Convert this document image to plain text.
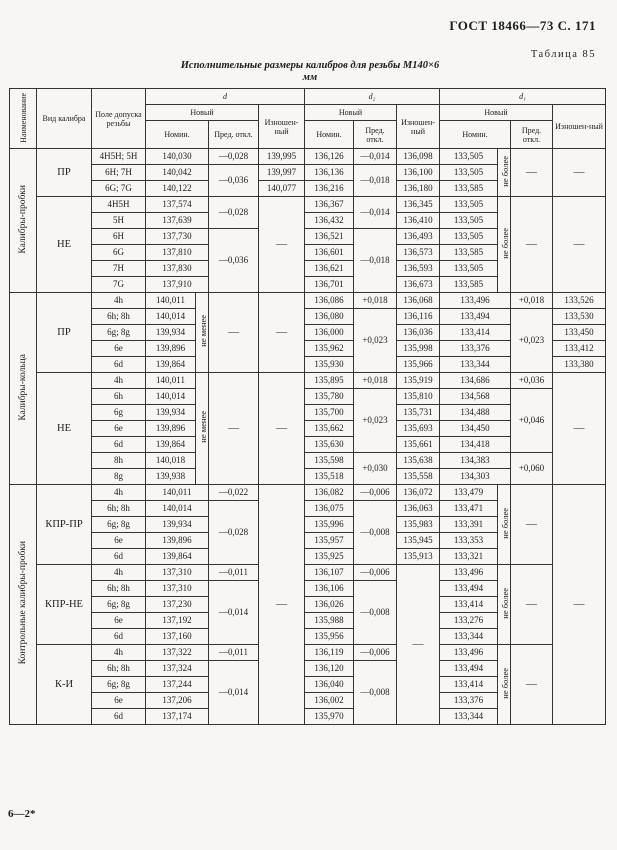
ГОСТ 18466—73 С. 171
Таблица 85
Исполнительные размеры калибров для резьбы M140×6
мм
Наименование	Вид калибра	Поле допуска резьбы	d				d₂			d₁			
			Новый			Изношен-ный	Новый		Изношен-ный	Новый			Изношен-ный
			Номин.		Пред. откл.		Номин.	Пред. откл.		Номин.		Пред. откл.	
Калибры-пробки	ПР	4H5H; 5H	140,030		—0,028	139,995	136,126	—0,014	136,098	133,505	не более	—	—
		6H; 7H	140,042		—0,036	139,997	136,136	—0,018	136,100	133,505			
		6G; 7G	140,122			140,077	136,216		136,180	133,585			
	НЕ	4H5H	137,574		—0,028	—	136,367	—0,014	136,345	133,505	не более	—	—
		5H	137,639				136,432		136,410	133,505			
		6H	137,730		—0,036		136,521	—0,018	136,493	133,505			
		6G	137,810				136,601		136,573	133,585			
		7H	137,830				136,621		136,593	133,505			
		7G	137,910				136,701		136,673	133,585			
Калибры-кольца	ПР	4h	140,011	не менее	—	—	136,086	+0,018	136,068	133,496		+0,018	133,526
		6h; 8h	140,014				136,080	+0,023	136,116	133,494		+0,023	133,530
		6g; 8g	139,934				136,000		136,036	133,414			133,450
		6e	139,896				135,962		135,998	133,376			133,412
		6d	139,864				135,930		135,966	133,344			133,380
	НЕ	4h	140,011	не менее	—	—	135,895	+0,018	135,919	134,686		+0,036	—
		6h	140,014				135,780	+0,023	135,810	134,568		+0,046	
		6g	139,934				135,700		135,731	134,488			
		6e	139,896				135,662		135,693	134,450			
		6d	139,864				135,630		135,661	134,418			
		8h	140,018				135,598	+0,030	135,638	134,383		+0,060	
		8g	139,938				135,518		135,558	134,303			
Контрольные калибры-пробки	КПР-ПР	4h	140,011		—0,022	—	136,082	—0,006	136,072	133,479	не более	—	—
		6h; 8h	140,014		—0,028		136,075	—0,008	136,063	133,471			
		6g; 8g	139,934				135,996		135,983	133,391			
		6e	139,896				135,957		135,945	133,353			
		6d	139,864				135,925		135,913	133,321			
	КПР-НЕ	4h	137,310		—0,011		136,107	—0,006	—	133,496	не более	—	
		6h; 8h	137,310		—0,014		136,106	—0,008		133,494			
		6g; 8g	137,230				136,026			133,414			
		6e	137,192				135,988			133,276			
		6d	137,160				135,956			133,344			
	К-И	4h	137,322		—0,011		136,119	—0,006		133,496	не более	—	
		6h; 8h	137,324		—0,014		136,120	—0,008		133,494			
		6g; 8g	137,244				136,040			133,414			
		6e	137,206				136,002			133,376			
		6d	137,174				135,970			133,344			
6—2*
